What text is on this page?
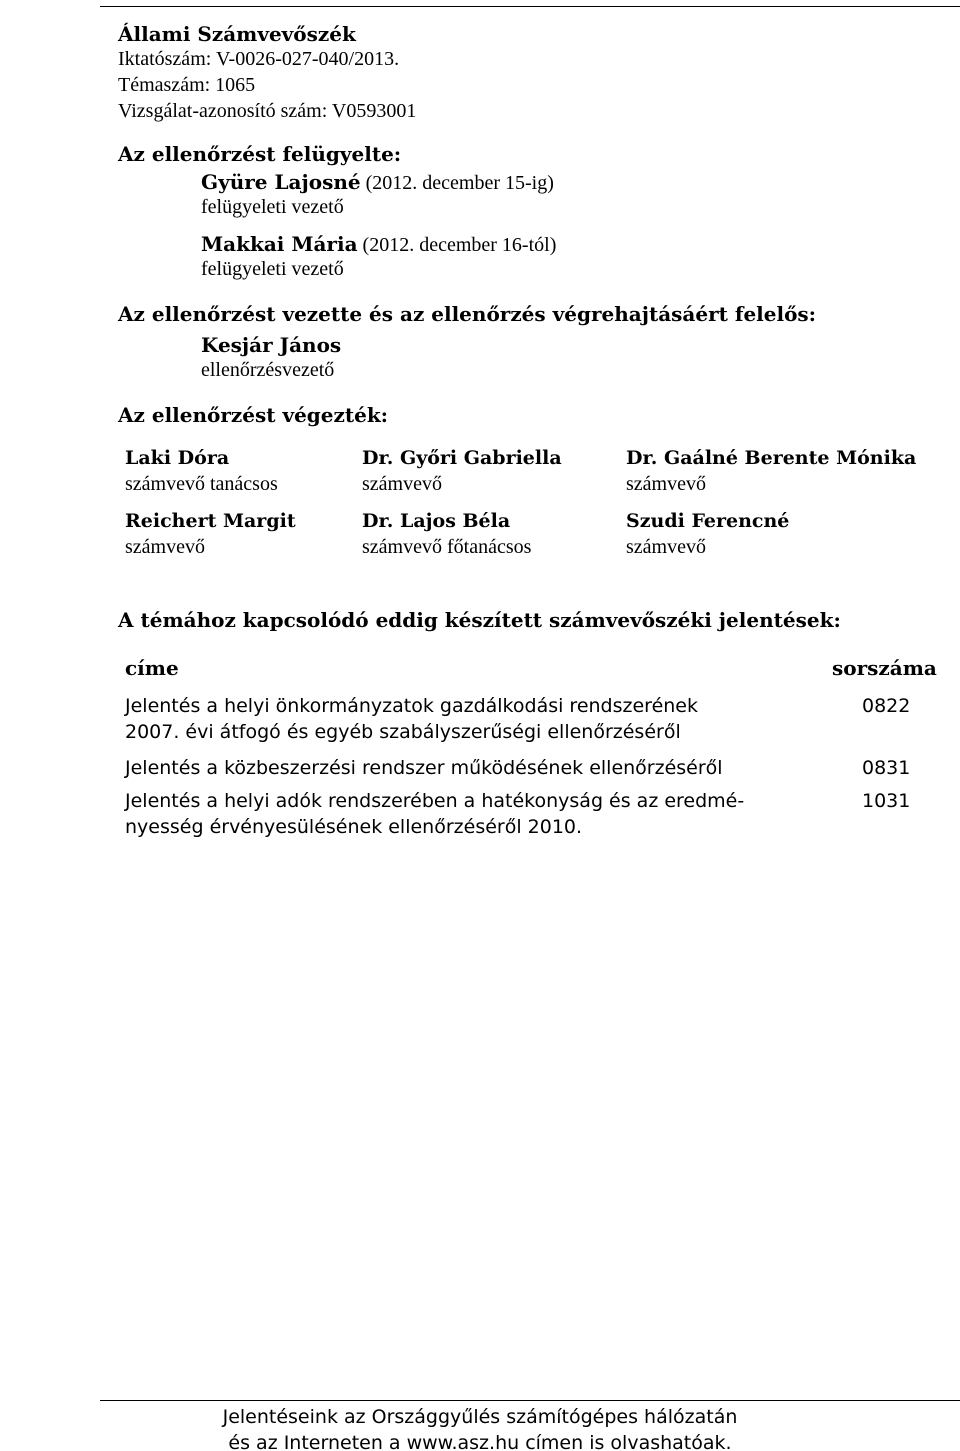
Állami Számvevőszék
Iktatószám: V-0026-027-040/2013.
Témaszám: 1065
Vizsgálat-azonosító szám: V0593001
Az ellenőrzést felügyelte:
Gyüre Lajosné (2012. december 15-ig)
felügyeleti vezető
Makkai Mária (2012. december 16-tól)
felügyeleti vezető
Az ellenőrzést vezette és az ellenőrzés végrehajtásáért felelős:
Kesjár János
ellenőrzésvezető
Az ellenőrzést végezték:
Laki Dóra
számvevő tanácsos
Dr. Győri Gabriella
számvevő
Dr. Gaálné Berente Mónika
számvevő
Reichert Margit
számvevő
Dr. Lajos Béla
számvevő főtanácsos
Szudi Ferencné
számvevő
A témához kapcsolódó eddig készített számvevőszéki jelentések:
címe	sorszáma
Jelentés a helyi önkormányzatok gazdálkodási rendszerének
2007. évi átfogó és egyéb szabályszerűségi ellenőrzéséről
0822
Jelentés a közbeszerzési rendszer működésének ellenőrzéséről	0831
Jelentés a helyi adók rendszerében a hatékonyság és az eredmé-
nyesség érvényesülésének ellenőrzéséről 2010.
1031
Jelentéseink az Országgyűlés számítógépes hálózatán
és az Interneten a www.asz.hu címen is olvashatóak.
